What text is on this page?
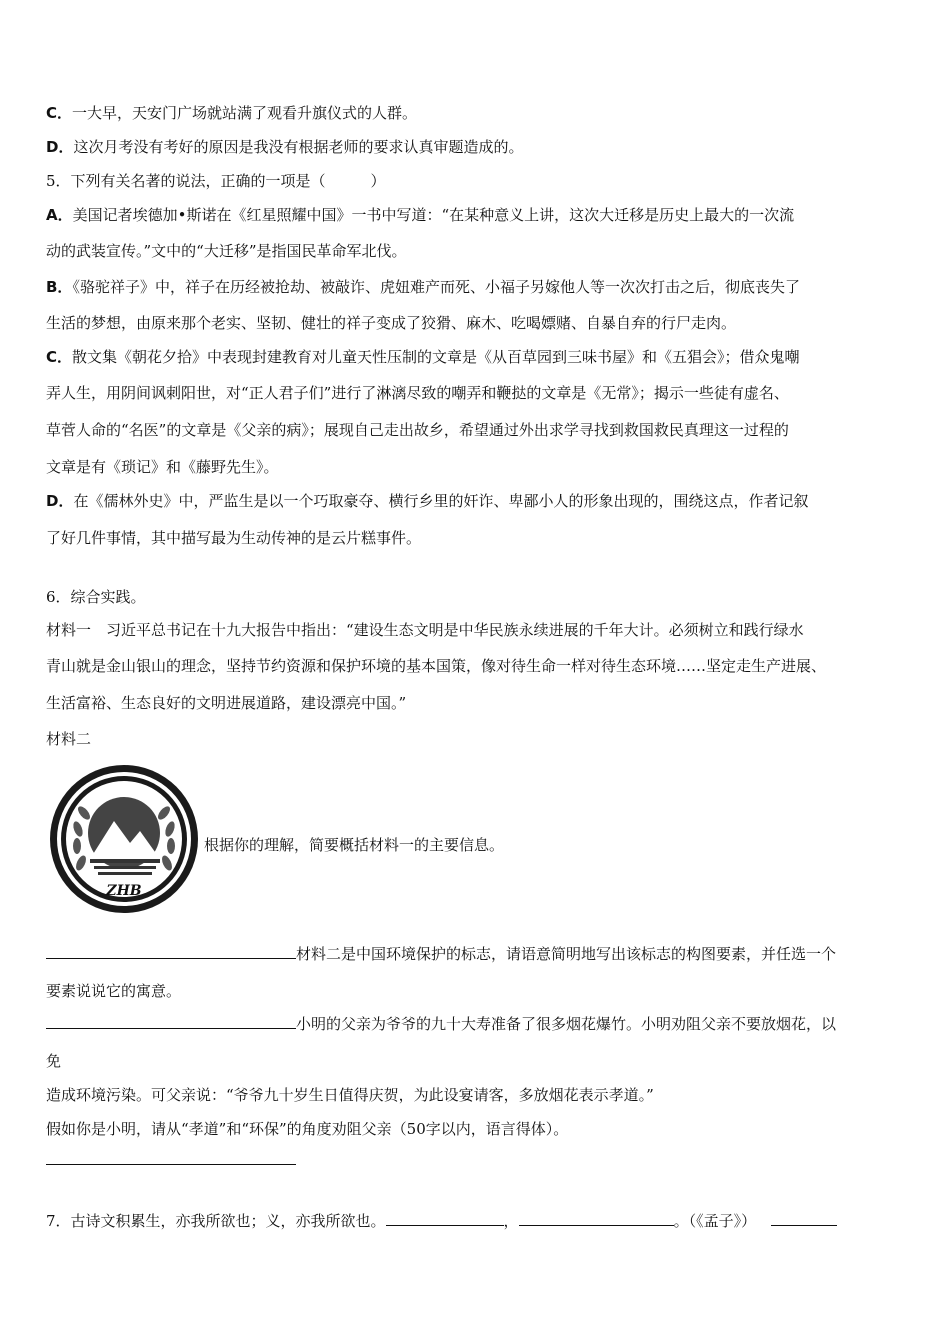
C．一大早，天安门广场就站满了观看升旗仪式的人群。
D．这次月考没有考好的原因是我没有根据老师的要求认真审题造成的。
5．下列有关名著的说法，正确的一项是（　　　）
A．美国记者埃德加•斯诺在《红星照耀中国》一书中写道：“在某种意义上讲，这次大迁移是历史上最大的一次流
动的武装宣传。”文中的“大迁移”是指国民革命军北伐。
B．《骆驼祥子》中，祥子在历经被抢劫、被敲诈、虎妞难产而死、小福子另嫁他人等一次次打击之后，彻底丧失了
生活的梦想，由原来那个老实、坚韧、健壮的祥子变成了狡猾、麻木、吃喝嫖赌、自暴自弃的行尸走肉。
C．散文集《朝花夕拾》中表现封建教育对儿童天性压制的文章是《从百草园到三味书屋》和《五猖会》；借众鬼嘲
弄人生，用阴间讽刺阳世，对“正人君子们”进行了淋漓尽致的嘲弄和鞭挞的文章是《无常》；揭示一些徒有虚名、
草菅人命的“名医”的文章是《父亲的病》；展现自己走出故乡，希望通过外出求学寻找到救国救民真理这一过程的
文章是有《琐记》和《藤野先生》。
D．在《儒林外史》中，严监生是以一个巧取豪夺、横行乡里的奸诈、卑鄙小人的形象出现的，围绕这点，作者记叙
了好几件事情，其中描写最为生动传神的是云片糕事件。
6．综合实践。
材料一　习近平总书记在十九大报告中指出：“建设生态文明是中华民族永续进展的千年大计。必须树立和践行绿水
青山就是金山银山的理念，坚持节约资源和保护环境的基本国策，像对待生命一样对待生态环境……坚定走生产进展、
生活富裕、生态良好的文明进展道路，建设漂亮中国。”
材料二
ZHB
根据你的理解，简要概括材料一的主要信息。
材料二是中国环境保护的标志，请语意简明地写出该标志的构图要素，并任选一个
要素说说它的寓意。
小明的父亲为爷爷的九十大寿准备了很多烟花爆竹。小明劝阻父亲不要放烟花，以
免
造成环境污染。可父亲说：“爷爷九十岁生日值得庆贺，为此设宴请客，多放烟花表示孝道。”
假如你是小明，请从“孝道”和“环保”的角度劝阻父亲（50字以内，语言得体）。
7．古诗文积累生，亦我所欲也；义，亦我所欲也。	，	。（《孟子》） 
